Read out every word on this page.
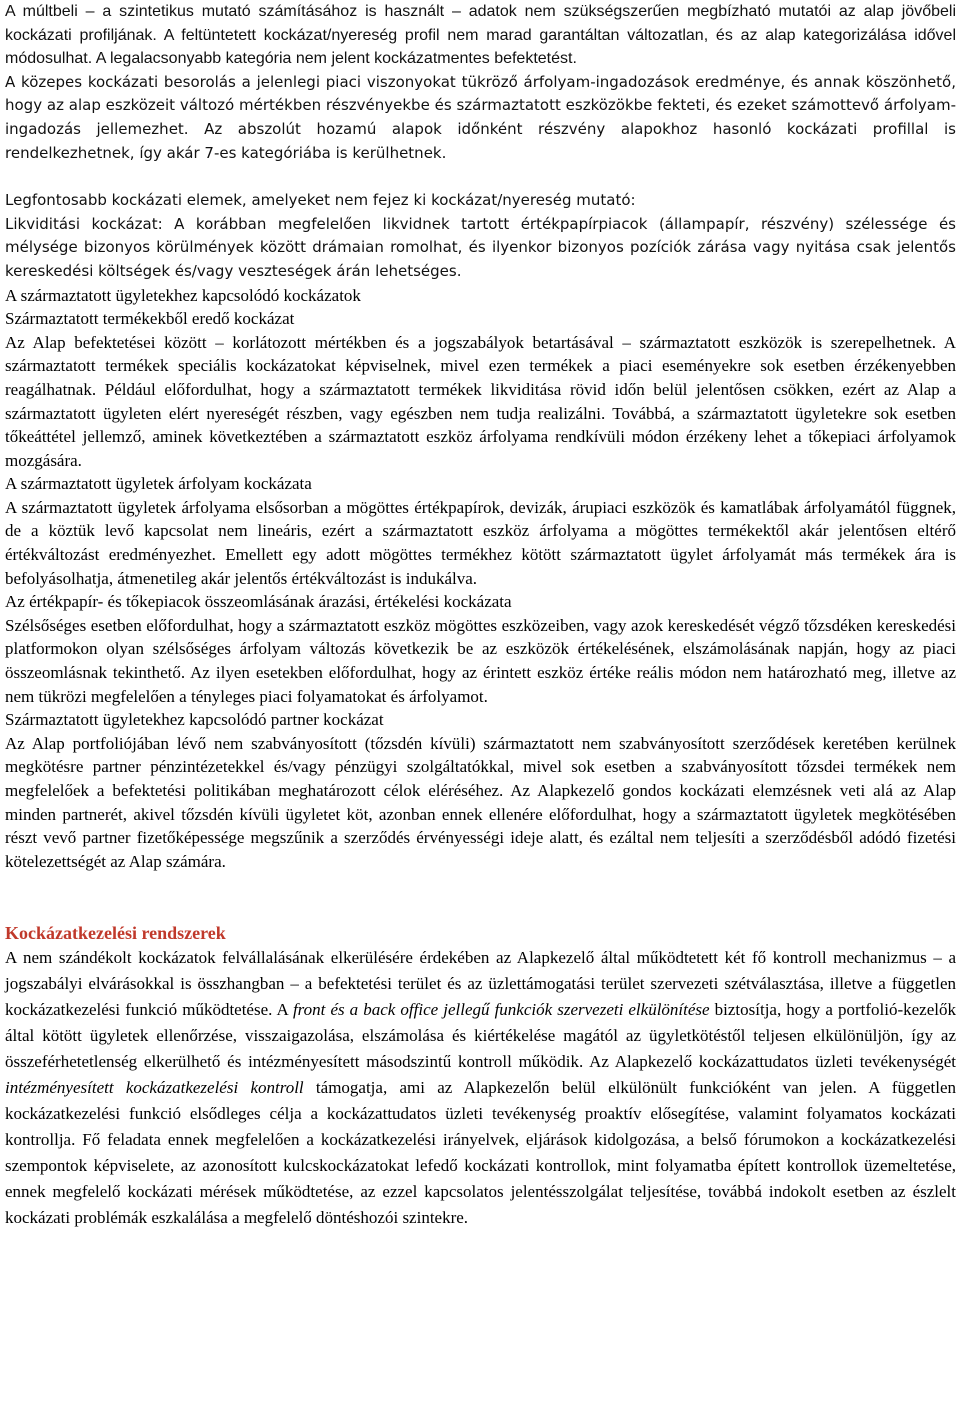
A múltbeli – a szintetikus mutató számításához is használt – adatok nem szükségszerűen megbízható mutatói az alap jövőbeli kockázati profiljának. A feltüntetett kockázat/nyereség profil nem marad garantáltan változatlan, és az alap kategorizálása idővel módosulhat. A legalacsonyabb kategória nem jelent kockázatmentes befektetést.

A közepes kockázati besorolás a jelenlegi piaci viszonyokat tükröző árfolyam-ingadozások eredménye, és annak köszönhető, hogy az alap eszközeit változó mértékben részvényekbe és származtatott eszközökbe fekteti, és ezeket számottevő árfolyam-ingadozás jellemezhet. Az abszolút hozamú alapok időnként részvény alapokhoz hasonló kockázati profillal is rendelkezhetnek, így akár 7-es kategóriába is kerülhetnek.

Legfontosabb kockázati elemek, amelyeket nem fejez ki kockázat/nyereség mutató:

Likviditási kockázat: A korábban megfelelően likvidnek tartott értékpapírpiacok (állampapír, részvény) szélessége és mélysége bizonyos körülmények között drámaian romolhat, és ilyenkor bizonyos pozíciók zárása vagy nyitása csak jelentős kereskedési költségek és/vagy veszteségek árán lehetséges.

A származtatott ügyletekhez kapcsolódó kockázatok

Származtatott termékekből eredő kockázat

Az Alap befektetései között – korlátozott mértékben és a jogszabályok betartásával – származtatott eszközök is szerepelhetnek. A származtatott termékek speciális kockázatokat képviselnek, mivel ezen termékek a piaci eseményekre sok esetben érzékenyebben reagálhatnak. Például előfordulhat, hogy a származtatott termékek likviditása rövid időn belül jelentősen csökken, ezért az Alap a származtatott ügyleten elért nyereségét részben, vagy egészben nem tudja realizálni. Továbbá, a származtatott ügyletekre sok esetben tőkeáttétel jellemző, aminek következtében a származtatott eszköz árfolyama rendkívüli módon érzékeny lehet a tőkepiaci árfolyamok mozgására.

A származtatott ügyletek árfolyam kockázata

A származtatott ügyletek árfolyama elsősorban a mögöttes értékpapírok, devizák, árupiaci eszközök és kamatlábak árfolyamától függnek, de a köztük levő kapcsolat nem lineáris, ezért a származtatott eszköz árfolyama a mögöttes termékektől akár jelentősen eltérő értékváltozást eredményezhet. Emellett egy adott mögöttes termékhez kötött származtatott ügylet árfolyamát más termékek ára is befolyásolhatja, átmenetileg akár jelentős értékváltozást is indukálva.

Az értékpapír- és tőkepiacok összeomlásának árazási, értékelési kockázata

Szélsőséges esetben előfordulhat, hogy a származtatott eszköz mögöttes eszközeiben, vagy azok kereskedését végző tőzsdéken kereskedési platformokon olyan szélsőséges árfolyam változás következik be az eszközök értékelésének, elszámolásának napján, hogy az piaci összeomlásnak tekinthető. Az ilyen esetekben előfordulhat, hogy az érintett eszköz értéke reális módon nem határozható meg, illetve az nem tükrözi megfelelően a tényleges piaci folyamatokat és árfolyamot.

Származtatott ügyletekhez kapcsolódó partner kockázat

Az Alap portfoliójában lévő nem szabványosított (tőzsdén kívüli) származtatott nem szabványosított szerződések keretében kerülnek megkötésre partner pénzintézetekkel és/vagy pénzügyi szolgáltatókkal, mivel sok esetben a szabványosított tőzsdei termékek nem megfelelőek a befektetési politikában meghatározott célok eléréséhez. Az Alapkezelő gondos kockázati elemzésnek veti alá az Alap minden partnerét, akivel tőzsdén kívüli ügyletet köt, azonban ennek ellenére előfordulhat, hogy a származtatott ügyletek megkötésében részt vevő partner fizetőképessége megszűnik a szerződés érvényességi ideje alatt, és ezáltal nem teljesíti a szerződésből adódó fizetési kötelezettségét az Alap számára.

Kockázatkezelési rendszerek

A nem szándékolt kockázatok felvállalásának elkerülésére érdekében az Alapkezelő által működtetett két fő kontroll mechanizmus – a jogszabályi elvárásokkal is összhangban – a befektetési terület és az üzlettámogatási terület szervezeti szétválasztása, illetve a független kockázatkezelési funkció működtetése. A front és a back office jellegű funkciók szervezeti elkülönítése biztosítja, hogy a portfolió-kezelők által kötött ügyletek ellenőrzése, visszaigazolása, elszámolása és kiértékelése magától az ügyletkötéstől teljesen elkülönüljön, így az összeférhetetlenség elkerülhető és intézményesített másodszintű kontroll működik. Az Alapkezelő kockázattudatos üzleti tevékenységét intézményesített kockázatkezelési kontroll támogatja, ami az Alapkezelőn belül elkülönült funkcióként van jelen. A független kockázatkezelési funkció elsődleges célja a kockázattudatos üzleti tevékenység proaktív elősegítése, valamint folyamatos kockázati kontrollja. Fő feladata ennek megfelelően a kockázatkezelési irányelvek, eljárások kidolgozása, a belső fórumokon a kockázatkezelési szempontok képviselete, az azonosított kulcskockázatokat lefedő kockázati kontrollok, mint folyamatba épített kontrollok üzemeltetése, ennek megfelelő kockázati mérések működtetése, az ezzel kapcsolatos jelentésszolgálat teljesítése, továbbá indokolt esetben az észlelt kockázati problémák eszkalálása a megfelelő döntéshozói szintekre.
